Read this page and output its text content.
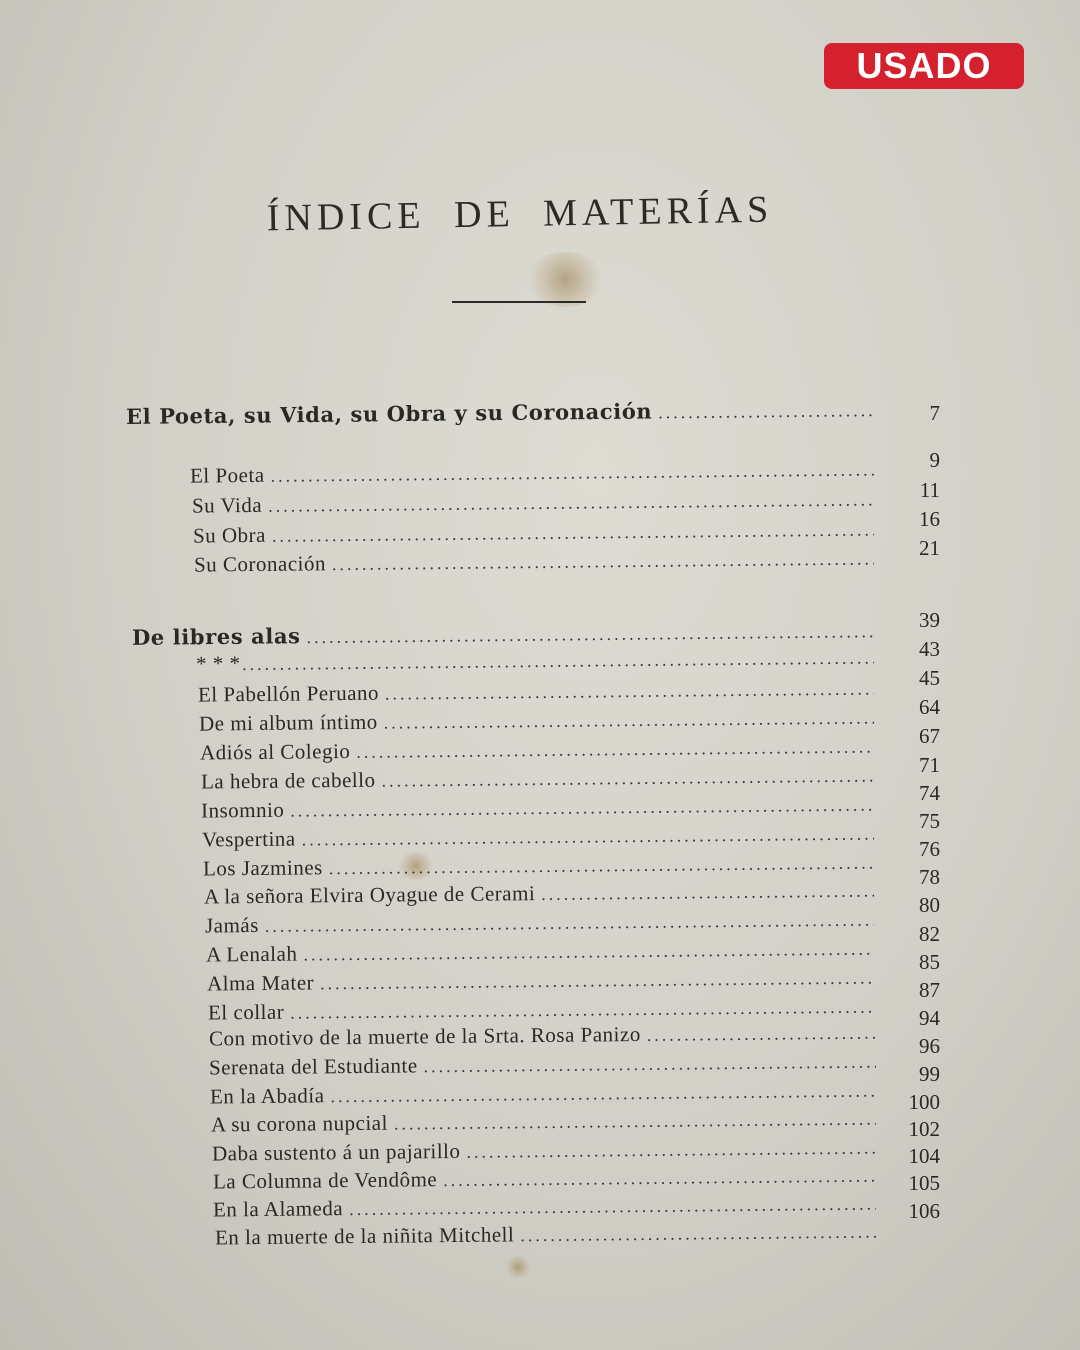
USADO
ÍNDICE DE MATERÍAS
El Poeta, su Vida, su Obra y su Coronación
.....
El Poeta
.....
Su Vida
.....
Su Obra
.....
Su Coronación
.....
De libres alas
.....
* * *
.....
El Pabellón Peruano
.....
De mi album íntimo
.....
Adiós al Colegio
.....
La hebra de cabello
.....
Insomnio
.....
Vespertina
.....
Los Jazmines
.....
A la señora Elvira Oyague de Cerami
.....
Jamás
.....
A Lenalah
.....
Alma Mater
.....
El collar
.....
Con motivo de la muerte de la Srta. Rosa Panizo
.....
Serenata del Estudiante
.....
En la Abadía
.....
A su corona nupcial
.....
Daba sustento á un pajarillo
.....
La Columna de Vendôme
.....
En la Alameda
.....
En la muerte de la niñita Mitchell
.....
7
9
11
16
21
39
43
45
64
67
71
74
75
76
78
80
82
85
87
94
96
99
100
102
104
105
106
